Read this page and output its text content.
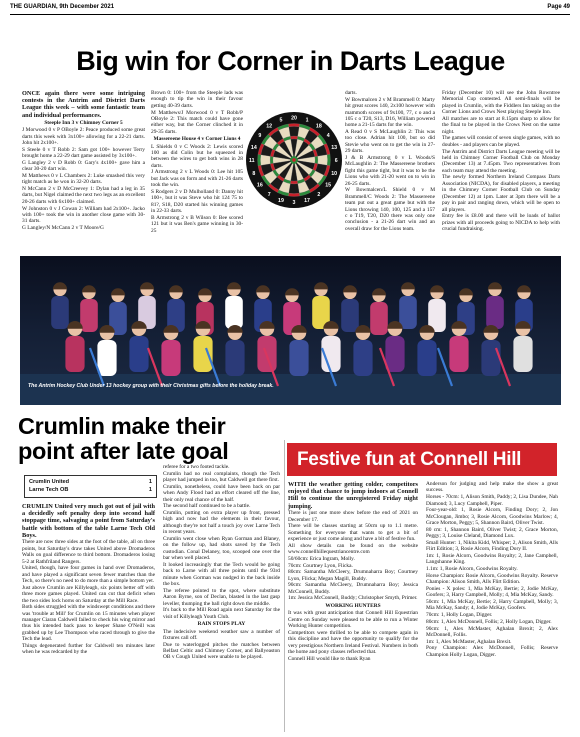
THE GUARDIAN, 9th December 2021	Page 49
Big win for Corner in Darts League

ONCE again there were some intriguing contests in the Antrim and District Darts League this week – with some fantastic team and individual performances.

Steeple Inn 3 v Chimney Corner 5

J Morwood 0 v P OBoyle 2: Peace produced some great darts this week with 3x100+ allowing for a 22-21 darts. John hit 2x100+.

S Steele 0 v T Robb 2: Sam got 100+ however Terry brought home a 22-29 dart game assisted by 3x100+.

G Langley 2 v D Robb 0: Gary's 4x100+ gave him a clear 30-20 dart win.

M Matthews 0 v L Chambers 2: Luke smashed this very tight match as he won in 32-20 darts.

N McCann 2 v D McCreevey 1: Dylan had a leg in 35 darts, but Nigel claimed the next two legs as an excellent 20-26 darts with 6x100+ claimed.

W Johnston 0 v J Cowan 2: William had 2x100+. Jacko with 100+ took the win in another close game with 30-31 darts.

G Langley/N McCann 2 v T Moore/G

Brown 0: 100+ from the Steeple lads was enough to tip the win in their favour getting 40-39 darts.

M Matthews/J Morwood 0 v T Robb/P OBoyle 2: This match could have gone either way, but the Corner clinched it in 29-35 darts.

Massereene House 4 v Corner Lions 4

L Shields 0 v C Woods 2: Lewis scored 100 as did Colin but he squeezed in between the wires to get both wins in 28 darts.

J Armstrong 2 v L Woods 0: Lee hit 105 but Jack was on form and with 21-26 darts took the win.

S Rodgers 2 v D Mulholland 0: Danny hit 100+, but it was Steve who hit 124 75 to 81?, S18, D20 started his winning games in 22-33 darts.

B Armstrong 2 v B Wilson 0: Bee scored 121 but it was Ben's game winning in 30-25

darts.

W Bowmalcen 2 v M Brammell 0: Marty hit great scores 140, 2x100 however with mammoth scores of 9x100, 77, c o and a 105 c o T20, S13, D16, William powered home a 21-15 darts for the win.

A Read 0 v S McLaughlin 2: This was too close. Adrian hit 100, but so did Stevie who went on to get the win in 27-29 darts.

J & B Armstrong 0 v L Woods/S McLaughlin 2: The Massereene brothers fight this game tight, but it was to be the Lions who with 21-20 went on to win in 26-25 darts.

W Bowmalcen/L Shield 0 v M Brammell/C Woods 2: The Massereene team put out a great game but with the Lions throwing 140, 100, 125 and a 157 c o T19, T20, D20 there was only one conclusion - a 21-26 dart win and an overall draw for the Lions team.

Friday (December 10) will see the John Rowntree Memorial Cup contested. All semi-finals will be played in Crumlin, with the Fiddlers Inn taking on the Corner Lions and Crows Nest playing Steeple Inn.

All matches are to start at 8.15pm sharp to allow for the final to be played in the Crows Nest on the same night.

The games will consist of seven single games, with no doubles - and players can be played.

The Antrim and District Darts League meeting will be held in Chimney Corner Football Club on Monday (December 13) at 7.45pm. Two representatives from each team may attend the meeting.

The newly formed Northern Ireland Compass Darts Association (NICDA), for disabled players, a meeting in the Chimney Corner Football Club on Sunday (December 12) at 1pm. Later at 3pm there will be a pay in pair and ranging down, which will be open to all players.

Entry fee is £8.00 and there will be loads of ballot prizes with all proceeds going to NICDA to help with crucial fundraising.

20 1
18
4
13
6
10
15
2
17
3
19
7
16
8
11
14
9
12
5
The Antrim Hockey Club Under 13 hockey group with their Christmas gifts before the holiday break.
Crumlin make their point after late goal
Crumlin United	1
Larne Tech OB	1

CRUMLIN United very much got out of jail with a decidedly soft penalty deep into second half stoppage time, salvaging a point from Saturday's battle with bottom of the table Larne Tech Old Boys.

There are now three sides at the foot of the table, all on three points, but Saturday's draw takes United above Dromaderos Walls on goal difference to third bottom. Dromaderos losing 5-2 at Rathfriland Rangers.

United, though, have four games in hand over Dromaderos, and have played a significant seven fewer matches than the Tech, so there's no need to do more than a simple bottom yet.

Just above Crumlin are Killyleagh, six points better off with three more games played. United can cut that deficit when the two sides lock horns on Saturday at the Mill Race.

Both sides struggled with the windswept conditions and there was 'trouble at Mill' for Crumlin on 15 minutes when player manager Ciaran Caldwell failed to check his wing mirror and thus his intended back pass to keeper Shane O'Neill was grabbed up by Lee Thompson who raced through to give the Tech the lead.

Things degenerated further for Caldwell ten minutes later when he was redcarded by the

referee for a two footed tackle.

Crumlin had no real complaints, though the Tech player had jumped in too, but Caldwell got there first.

Crumlin, nonetheless, could have been back on par when Andy Flood had an effort cleared off the line, their only real chance of the half.

The second half continued to be a battle.

Crumlin, putting on extra player up front, pressed high and now had the elements in their favour, although they're not half a touch joy over Larne Tech in recent years.

Crumlin went close when Ryan Gorman and Blaney, on the follow up, had shots saved by the Tech custodian. Conal Delaney, too, scooped one over the bar when well placed.

It looked increasingly that the Tech would be going back to Larne with all three points until the 93rd minute when Gorman was nudged in the back inside the box.

The referee pointed to the spot, where substitute Aaron Byrne, son of Declan, blasted in the last gasp leveller, thumping the ball right down the middle.

It's back to the Mill Road again next Saturday for the visit of Killyleagh Youth Club.

RAIN STOPS PLAY

The indecisive weekend weather saw a number of fixtures call off.

Due to waterlogged pitches the matches between Belfast Celtic and Chimney Corner, and Ballyeaston OB v Cough United were unable to be played.

Festive fun at Connell Hill

WITH the weather getting colder, competitors enjoyed that chance to jump indoors at Connell Hill to continue the unregistered Friday night jumping.

There is just one more show before the end of 2021 on December 17.

There will be classes starting at 50cm up to 1.1 metre. Something for everyone that wants to get a bit of experience or just come along and have a bit of festive fun.

All show details can be found on the website www.connellhillequestriancentre.com

50/60cm: Erica Ingram, Molly.

70cm: Courtney Lyon, Flicka.

80cm: Samantha McCleery, Drumnaharra Boy; Courtney Lyon, Flicka; Megan Magill, Buddy.

90cm: Samantha McCleery, Drumnaharra Boy; Jessica McConnell, Buddy.

1m: Jessica McConnell, Buddy; Christopher Smyth, Primer.

WORKING HUNTERS

It was with great anticipation that Connell Hill Equestrian Centre on Sunday were pleased to be able to run a Winter Working Hunter competition.

Competitors were thrilled to be able to compete again in this discipline and have the opportunity to qualify for the very prestigious Northern Ireland Festival. Numbers in both the home and pony classes reflected that.

Connell Hill would like to thank Ryan

Anderson for judging and help make the show a great success.

Horses - 70cm: 1, Alison Smith, Paddy; 2, Lisa Dundee, Nah Diamond; 3, Lucy Campbell, Piper.

Four-year-old: 1, Rosie Alcorn, Finding Dory; 2, Jon McClougan, Jimbo; 3, Rosie Alcorn, Goodwins Marlow; 4, Grace Morton, Peggy; 5, Shannon Baird, Oliver Twist.

80 cm: 1, Shannon Baird, Oliver Twist; 2, Grace Morton, Peggy; 3, Louise Cleland, Diamond Lux.

Small Hunter: 1, Nikita Kidd, Whisper; 2, Alison Smith, Alls Flirt Edition; 3, Rosie Alcorn, Finding Dory II.

1m: 1, Rosie Alcorn, Goodwins Royalty; 2, Jane Campbell, Langshanne King.

1.1m: 1, Rosie Alcorn, Goodwins Royalty.

Horse Champion: Rosie Alcorn, Goodwins Royalty. Reserve Champion: Alison Smith, Alls Flirt Edition.

Ponies - X poles: 1, Mia McKay, Bertie; 2, Jodie McKay, Goofers; 3, Harry Campbell, Molly; 4, Mia McKay, Sandy.

50cm: 1, Mia McKay, Bertie; 2, Harry Campbell, Molly; 3, Mia McKay, Sandy; 4, Jodie McKay, Goofers.

70cm: 1, Holly Logan, Digger.

80cm: 1, Alex McDonnell, Follis; 2, Holly Logan, Digger.

90cm: 1, Alex McMaster, Aghalan Brexit; 2, Alex McDonnell, Follis.

1m: 1, Alex McMaster, Aghalan Brexit.

Pony Champion: Alex McDonnell, Follis; Reserve Champion Holly Logan, Digger.
